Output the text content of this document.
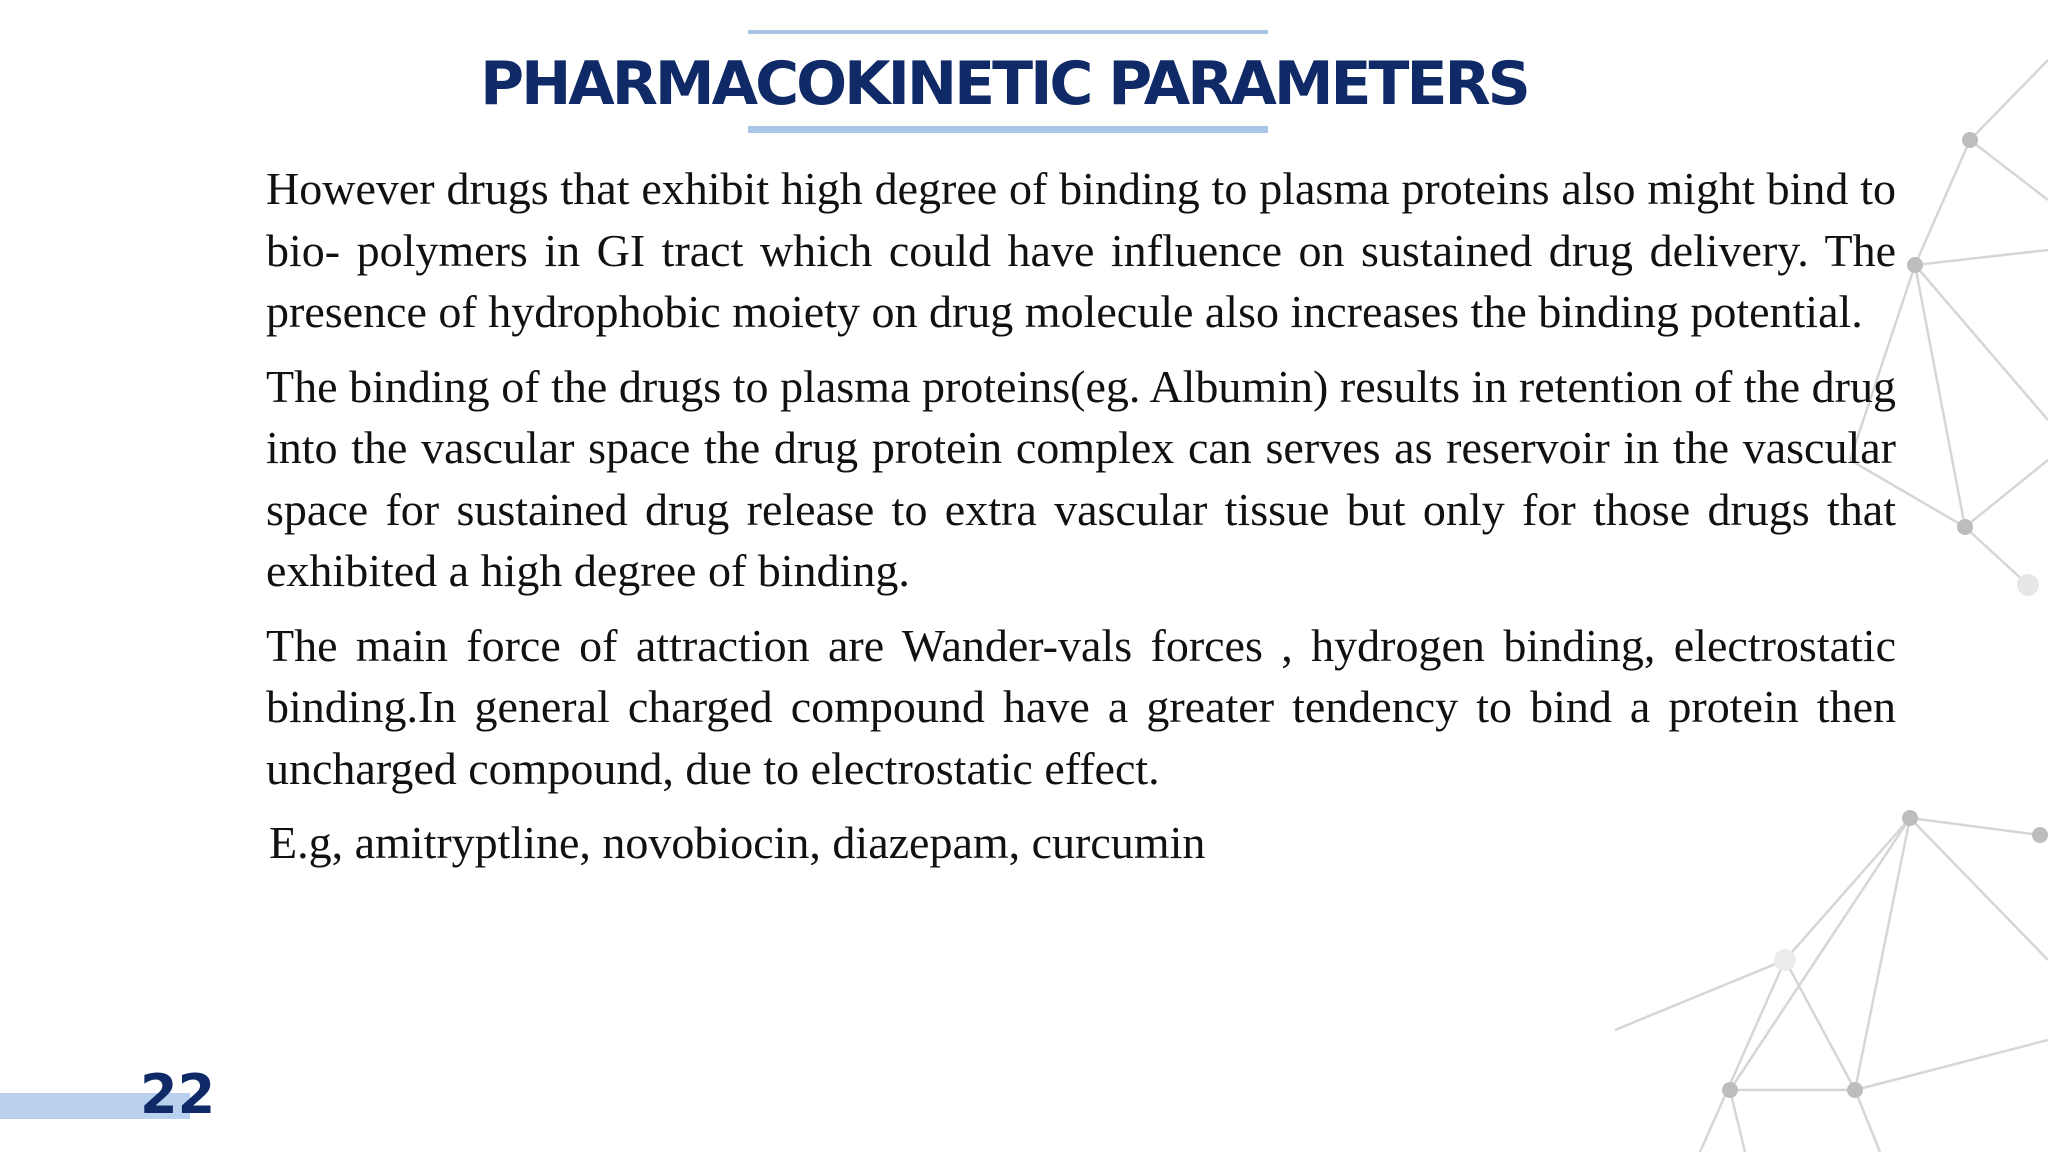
PHARMACOKINETIC PARAMETERS

However drugs that exhibit high degree of binding to plasma proteins also might bind to bio- polymers in GI tract which could have influence on sustained drug delivery. The presence of hydrophobic moiety on drug molecule also increases the binding potential.

The binding of the drugs to plasma proteins(eg. Albumin) results in retention of the drug into the vascular space the drug protein complex can serves as reservoir in the vascular space for sustained drug release to extra vascular tissue but only for those drugs that exhibited a high degree of binding.

The main force of attraction are Wander-vals forces , hydrogen binding, electrostatic binding.In general charged compound have a greater tendency to bind a protein then uncharged compound, due to electrostatic effect.

E.g, amitryptline, novobiocin, diazepam, curcumin

22
